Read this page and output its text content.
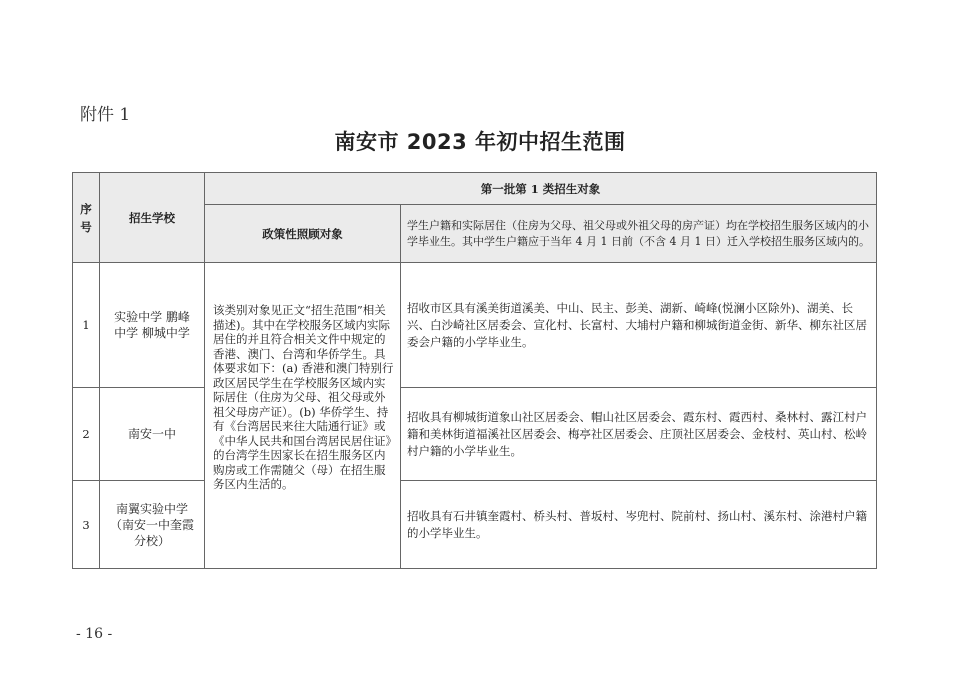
附件 1
南安市 2023 年初中招生范围
序号	招生学校	第一批第 1 类招生对象	
		政策性照顾对象	学生户籍和实际居住（住房为父母、祖父母或外祖父母的房产证）均在学校招生服务区域内的小学毕业生。其中学生户籍应于当年 4 月 1 日前（不含 4 月 1 日）迁入学校招生服务区域内的。
1	实验中学 鹏峰中学 柳城中学	该类别对象见正文“招生范围”相关描述)。其中在学校服务区域内实际居住的并且符合相关文件中规定的香港、澳门、台湾和华侨学生。具体要求如下：(a) 香港和澳门特别行政区居民学生在学校服务区域内实际居住（住房为父母、祖父母或外祖父母房产证）。(b) 华侨学生、持有《台湾居民来往大陆通行证》或《中华人民共和国台湾居民居住证》的台湾学生因家长在招生服务区内购房或工作需随父（母）在招生服务区内生活的。	招收市区具有溪美街道溪美、中山、民主、彭美、湖新、崎峰(悦澜小区除外)、湖美、长兴、白沙崎社区居委会、宣化村、长富村、大埔村户籍和柳城街道金街、新华、柳东社区居委会户籍的小学毕业生。
2	南安一中		招收具有柳城街道象山社区居委会、帽山社区居委会、霞东村、霞西村、桑林村、露江村户籍和美林街道福溪社区居委会、梅亭社区居委会、庄顶社区居委会、金枝村、英山村、松岭村户籍的小学毕业生。
3	南翼实验中学（南安一中奎霞分校）		招收具有石井镇奎霞村、桥头村、普坂村、岑兜村、院前村、扬山村、溪东村、涂港村户籍的小学毕业生。
- 16 -
